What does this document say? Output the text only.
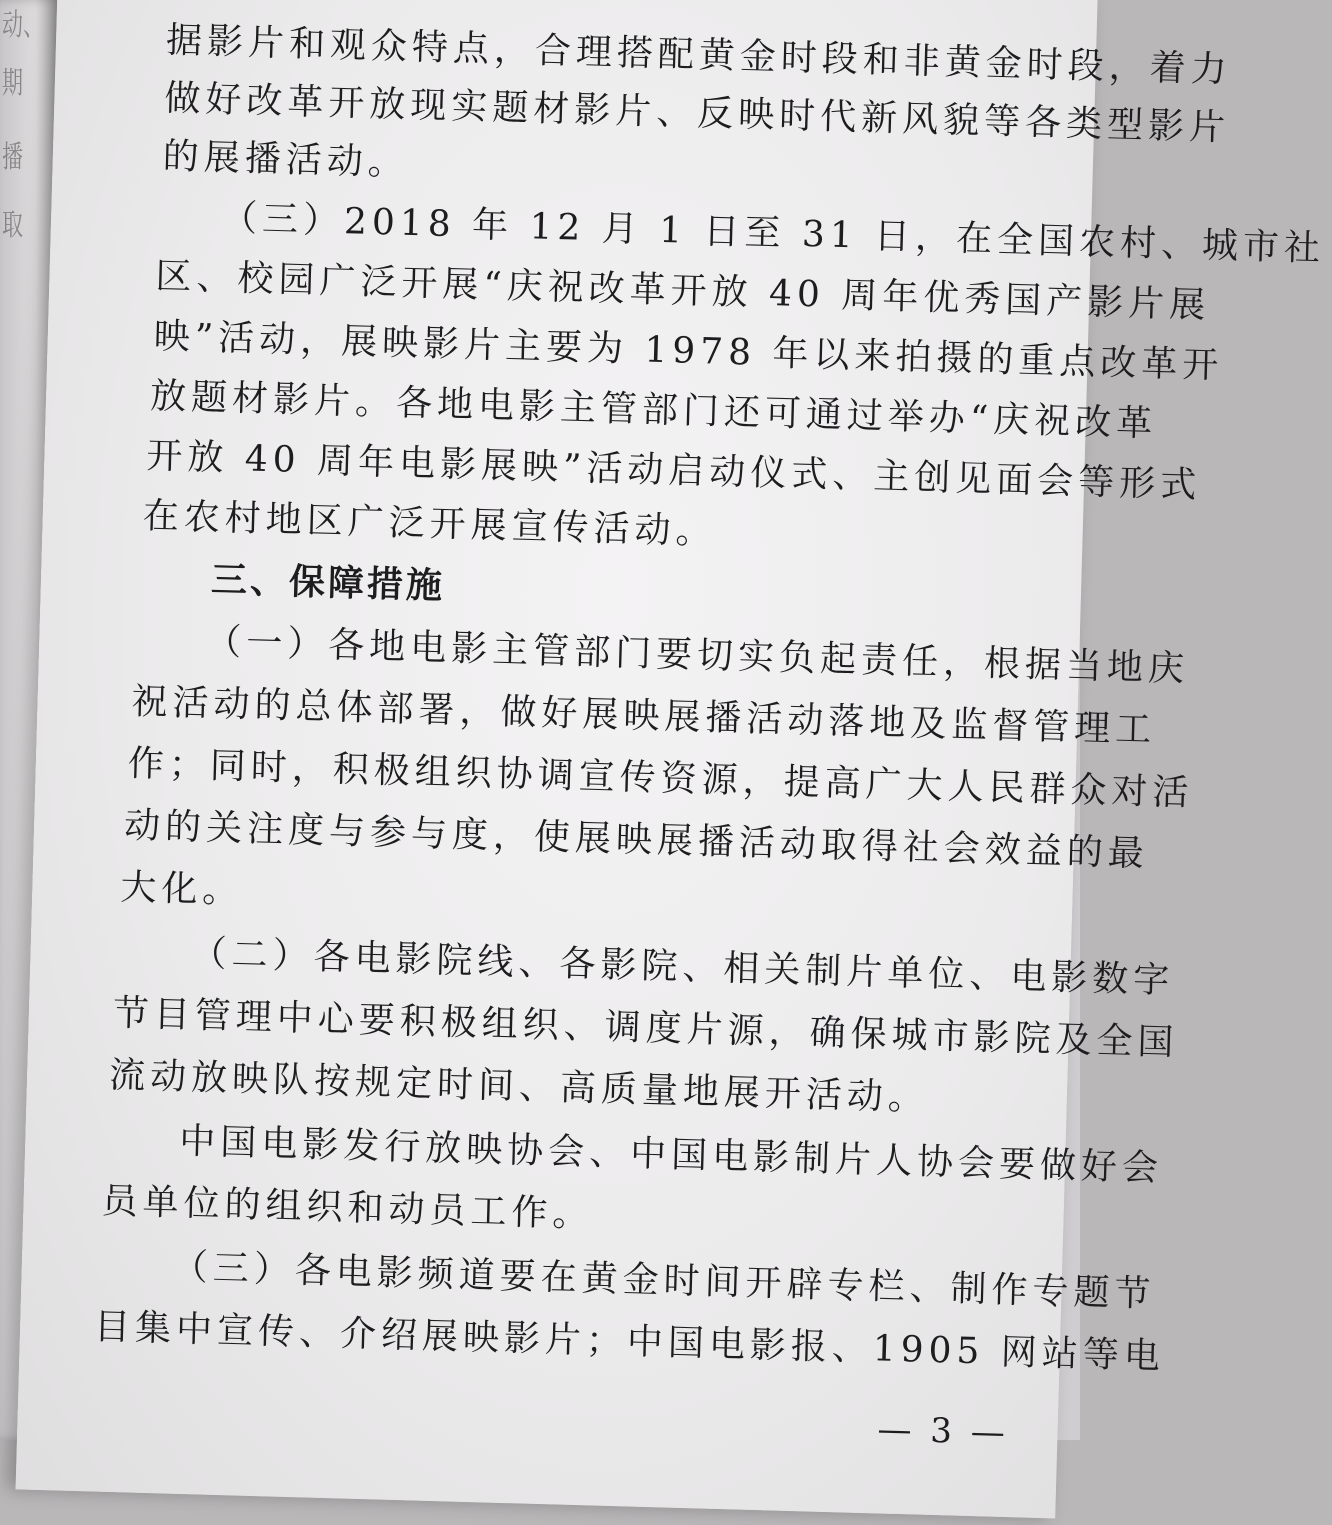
动、
期
播
取
据影片和观众特点，合理搭配黄金时段和非黄金时段，着力
做好改革开放现实题材影片、反映时代新风貌等各类型影片
的展播活动。
（三）2018 年 12 月 1 日至 31 日，在全国农村、城市社
区、校园广泛开展“庆祝改革开放 40 周年优秀国产影片展
映”活动，展映影片主要为 1978 年以来拍摄的重点改革开
放题材影片。各地电影主管部门还可通过举办“庆祝改革
开放 40 周年电影展映”活动启动仪式、主创见面会等形式
在农村地区广泛开展宣传活动。
三、保障措施
（一）各地电影主管部门要切实负起责任，根据当地庆
祝活动的总体部署，做好展映展播活动落地及监督管理工
作；同时，积极组织协调宣传资源，提高广大人民群众对活
动的关注度与参与度，使展映展播活动取得社会效益的最
大化。
（二）各电影院线、各影院、相关制片单位、电影数字
节目管理中心要积极组织、调度片源，确保城市影院及全国
流动放映队按规定时间、高质量地展开活动。
中国电影发行放映协会、中国电影制片人协会要做好会
员单位的组织和动员工作。
（三）各电影频道要在黄金时间开辟专栏、制作专题节
目集中宣传、介绍展映影片；中国电影报、1905 网站等电
— 3 —
